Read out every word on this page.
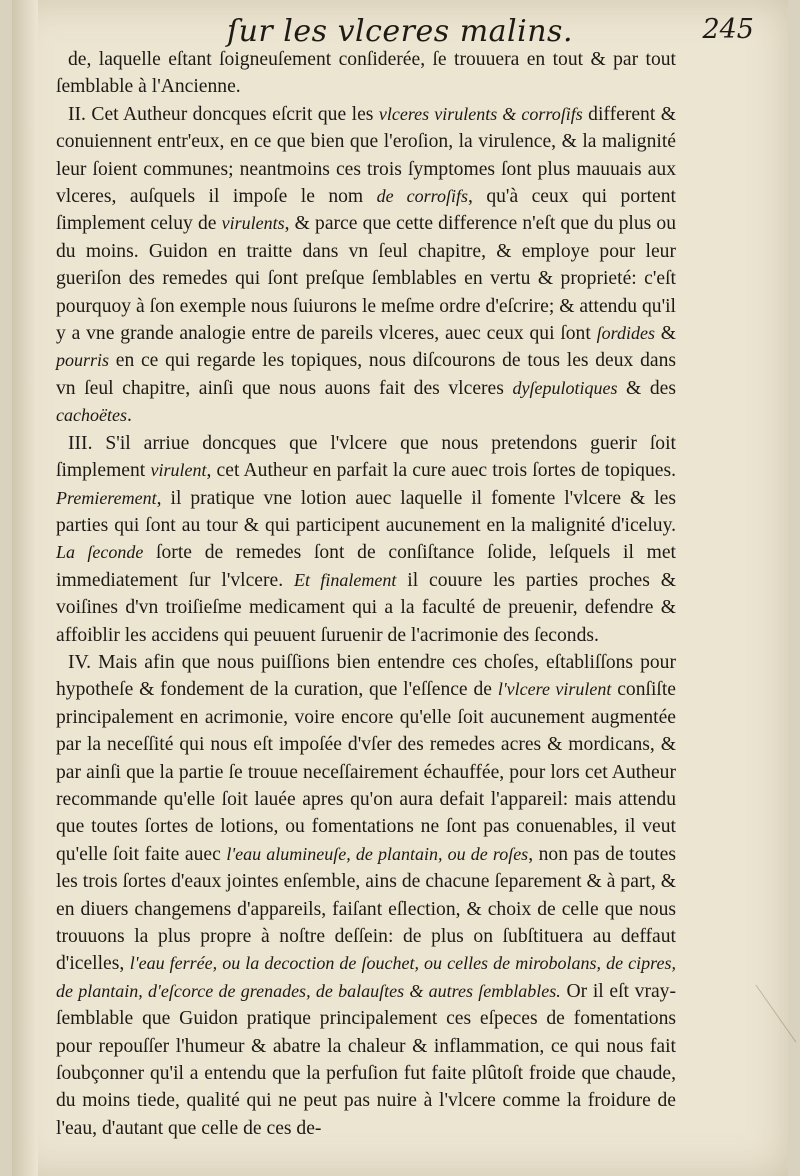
ſur les vlceres malins.	245

de, laquelle eſtant ſoigneuſement conſiderée, ſe trouuera en tout & par tout ſemblable à l'Ancienne.

II. Cet Autheur doncques eſcrit que les vlceres virulents & corroſifs different & conuiennent entr'eux, en ce que bien que l'eroſion, la virulence, & la malignité leur ſoient communes; neantmoins ces trois ſymptomes ſont plus mauuais aux vlceres, auſquels il impoſe le nom de corroſifs, qu'à ceux qui portent ſimplement celuy de virulents, & parce que cette difference n'eſt que du plus ou du moins. Guidon en traitte dans vn ſeul chapitre, & employe pour leur gueriſon des remedes qui ſont preſque ſemblables en vertu & proprieté: c'eſt pourquoy à ſon exemple nous ſuiurons le meſme ordre d'eſcrire; & attendu qu'il y a vne grande analogie entre de pareils vlceres, auec ceux qui ſont ſordides & pourris en ce qui regarde les topiques, nous diſcourons de tous les deux dans vn ſeul chapitre, ainſi que nous auons fait des vlceres dyſepulotiques & des cachoëtes.

III. S'il arriue doncques que l'vlcere que nous pretendons guerir ſoit ſimplement virulent, cet Autheur en parfait la cure auec trois ſortes de topiques. Premierement, il pratique vne lotion auec laquelle il fomente l'vlcere & les parties qui ſont au tour & qui participent aucunement en la malignité d'iceluy. La ſeconde ſorte de remedes ſont de conſiſtance ſolide, leſquels il met immediatement ſur l'vlcere. Et finalement il couure les parties proches & voiſines d'vn troiſieſme medicament qui a la faculté de preuenir, defendre & affoiblir les accidens qui peuuent ſuruenir de l'acrimonie des ſeconds.

IV. Mais afin que nous puiſſions bien entendre ces choſes, eſtabliſſons pour hypotheſe & fondement de la curation, que l'eſſence de l'vlcere virulent conſiſte principalement en acrimonie, voire encore qu'elle ſoit aucunement augmentée par la neceſſité qui nous eſt impoſée d'vſer des remedes acres & mordicans, & par ainſi que la partie ſe trouue neceſſairement échauffée, pour lors cet Autheur recommande qu'elle ſoit lauée apres qu'on aura defait l'appareil: mais attendu que toutes ſortes de lotions, ou fomentations ne ſont pas conuenables, il veut qu'elle ſoit faite auec l'eau alumineuſe, de plantain, ou de roſes, non pas de toutes les trois ſortes d'eaux jointes enſemble, ains de chacune ſeparement & à part, & en diuers changemens d'appareils, faiſant eſlection, & choix de celle que nous trouuons la plus propre à noſtre deſſein: de plus on ſubſtituera au deffaut d'icelles, l'eau ferrée, ou la decoction de ſouchet, ou celles de mirobolans, de cipres, de plantain, d'eſcorce de grenades, de balauſtes & autres ſemblables. Or il eſt vray-ſemblable que Guidon pratique principalement ces eſpeces de fomentations pour repouſſer l'humeur & abatre la chaleur & inflammation, ce qui nous fait ſoubçonner qu'il a entendu que la perfuſion fut faite plûtoſt froide que chaude, du moins tiede, qualité qui ne peut pas nuire à l'vlcere comme la froidure de l'eau, d'autant que celle de ces de-
